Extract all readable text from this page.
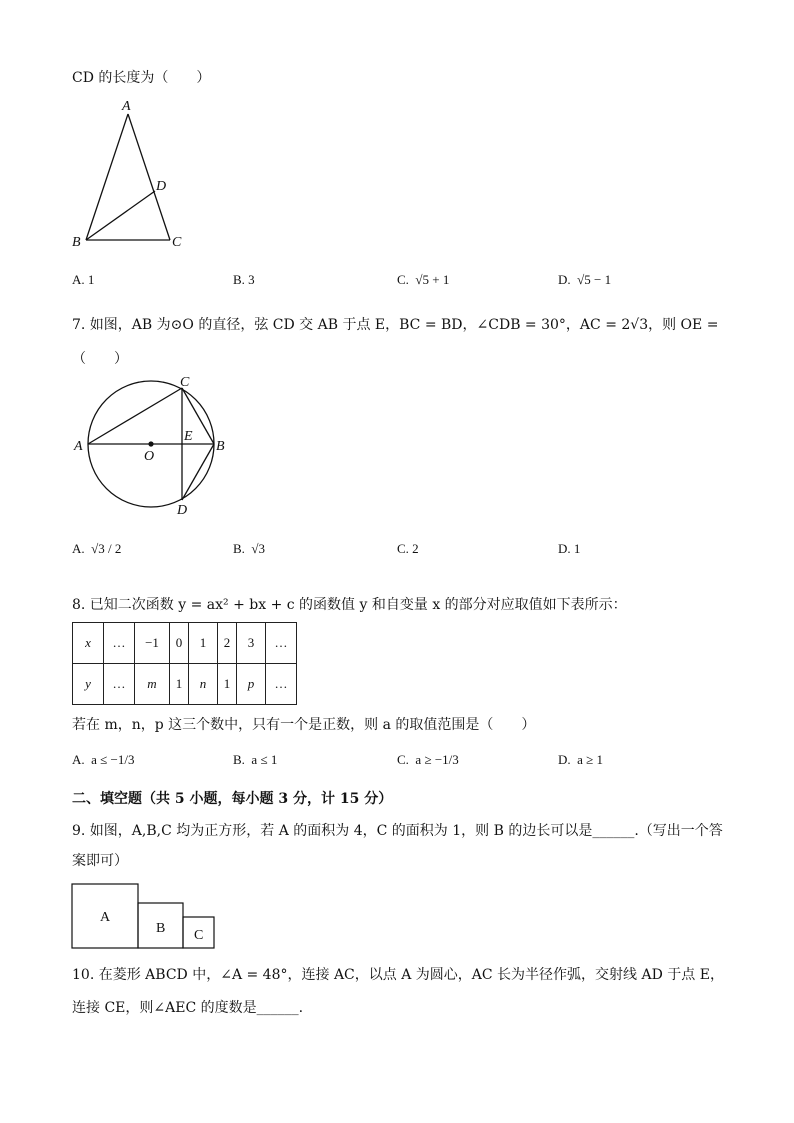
CD 的长度为（　　）
A
B	C
D
A. 1	B. 3	C. √5 + 1	D. √5 − 1
7. 如图，AB 为⊙O 的直径，弦 CD 交 AB 于点 E，BC = BD，∠CDB = 30°，AC = 2√3，则 OE =
（　　）
A	B
C
D
E
O
A. √3 / 2	B. √3	C. 2	D. 1
8. 已知二次函数 y = ax² + bx + c 的函数值 y 和自变量 x 的部分对应取值如下表所示：
x	…	−1	0	1	2	3	…
y	…	m	1	n	1	p	…
若在 m，n，p 这三个数中，只有一个是正数，则 a 的取值范围是（　　）
A. a ≤ −1/3	B. a ≤ 1	C. a ≥ −1/3	D. a ≥ 1
二、填空题（共 5 小题，每小题 3 分，计 15 分）
9. 如图，A,B,C 均为正方形，若 A 的面积为 4，C 的面积为 1，则 B 的边长可以是______.（写出一个答
案即可）
A
B C
10. 在菱形 ABCD 中，∠A = 48°，连接 AC，以点 A 为圆心，AC 长为半径作弧，交射线 AD 于点 E，
连接 CE，则∠AEC 的度数是______.
